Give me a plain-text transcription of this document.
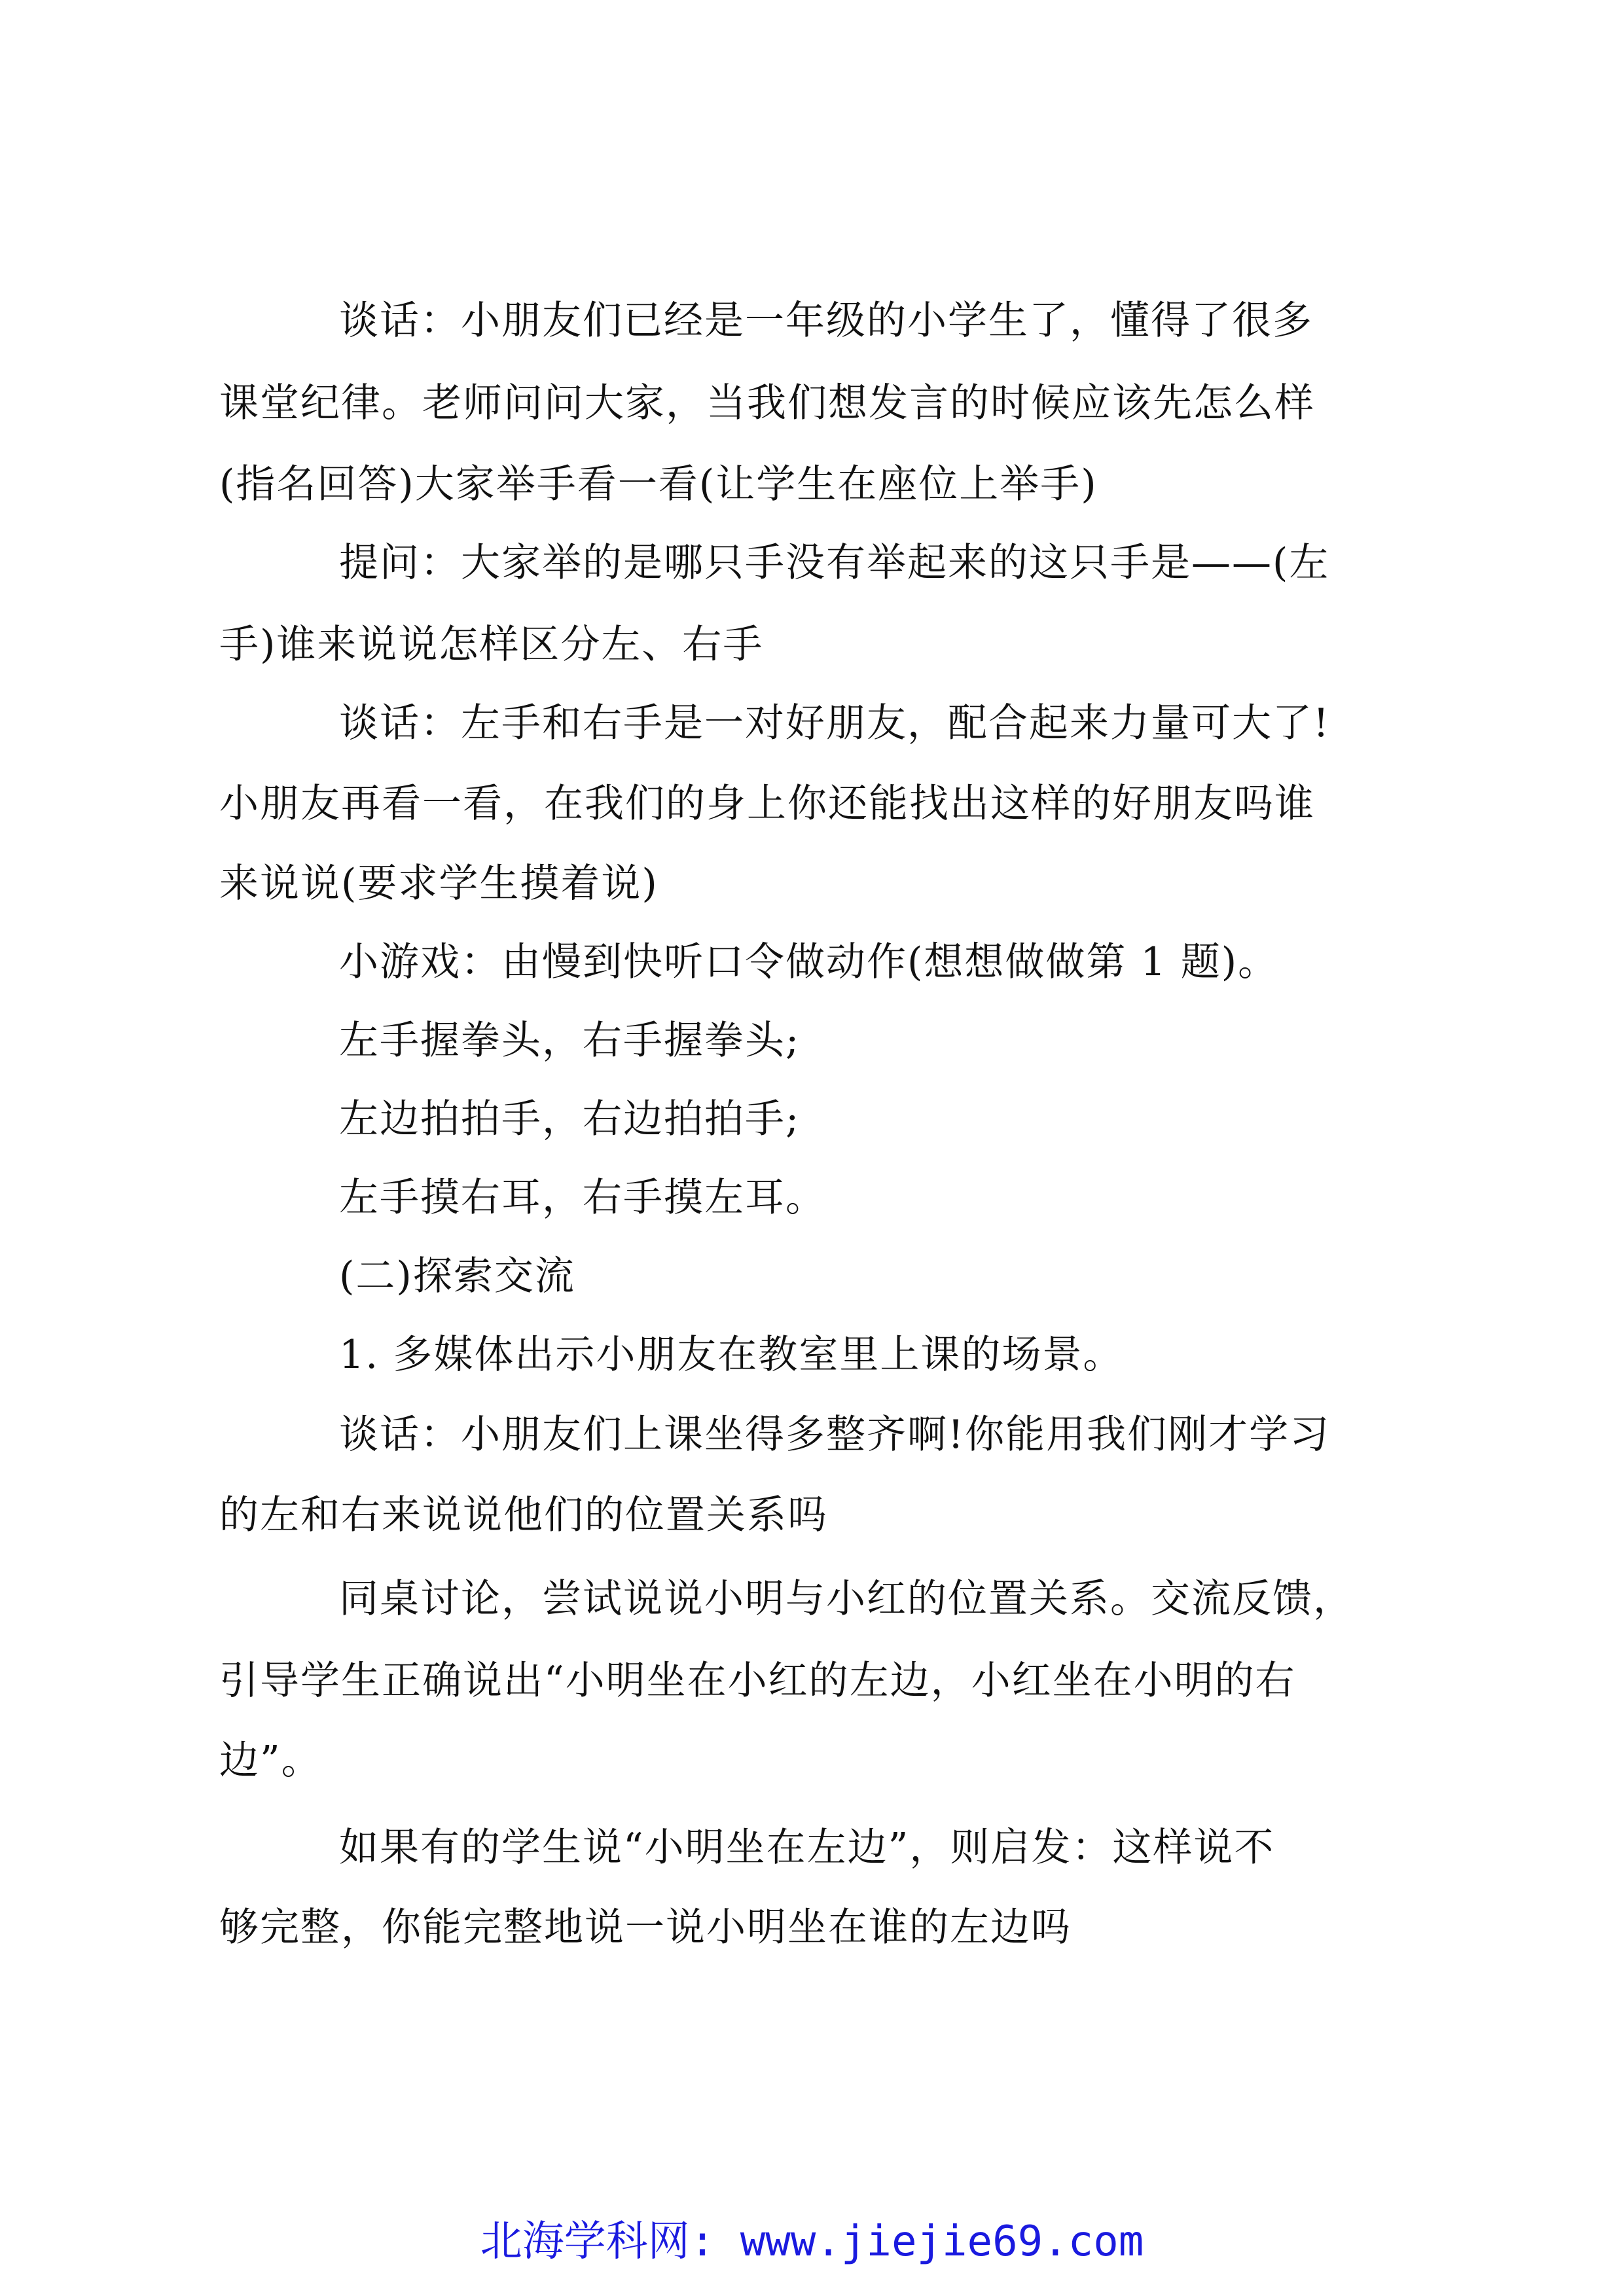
谈话：小朋友们已经是一年级的小学生了，懂得了很多
课堂纪律。老师问问大家，当我们想发言的时候应该先怎么样
(指名回答)大家举手看一看(让学生在座位上举手)
提问：大家举的是哪只手没有举起来的这只手是——(左
手)谁来说说怎样区分左、右手
谈话：左手和右手是一对好朋友，配合起来力量可大了!
小朋友再看一看，在我们的身上你还能找出这样的好朋友吗谁
来说说(要求学生摸着说)
小游戏：由慢到快听口令做动作(想想做做第 1 题)。
左手握拳头，右手握拳头;
左边拍拍手，右边拍拍手;
左手摸右耳，右手摸左耳。
(二)探索交流
1. 多媒体出示小朋友在教室里上课的场景。
谈话：小朋友们上课坐得多整齐啊!你能用我们刚才学习
的左和右来说说他们的位置关系吗
同桌讨论，尝试说说小明与小红的位置关系。交流反馈，
引导学生正确说出“小明坐在小红的左边，小红坐在小明的右
边”。
如果有的学生说“小明坐在左边”，则启发：这样说不
够完整，你能完整地说一说小明坐在谁的左边吗
北海学科网: www.jiejie69.com
